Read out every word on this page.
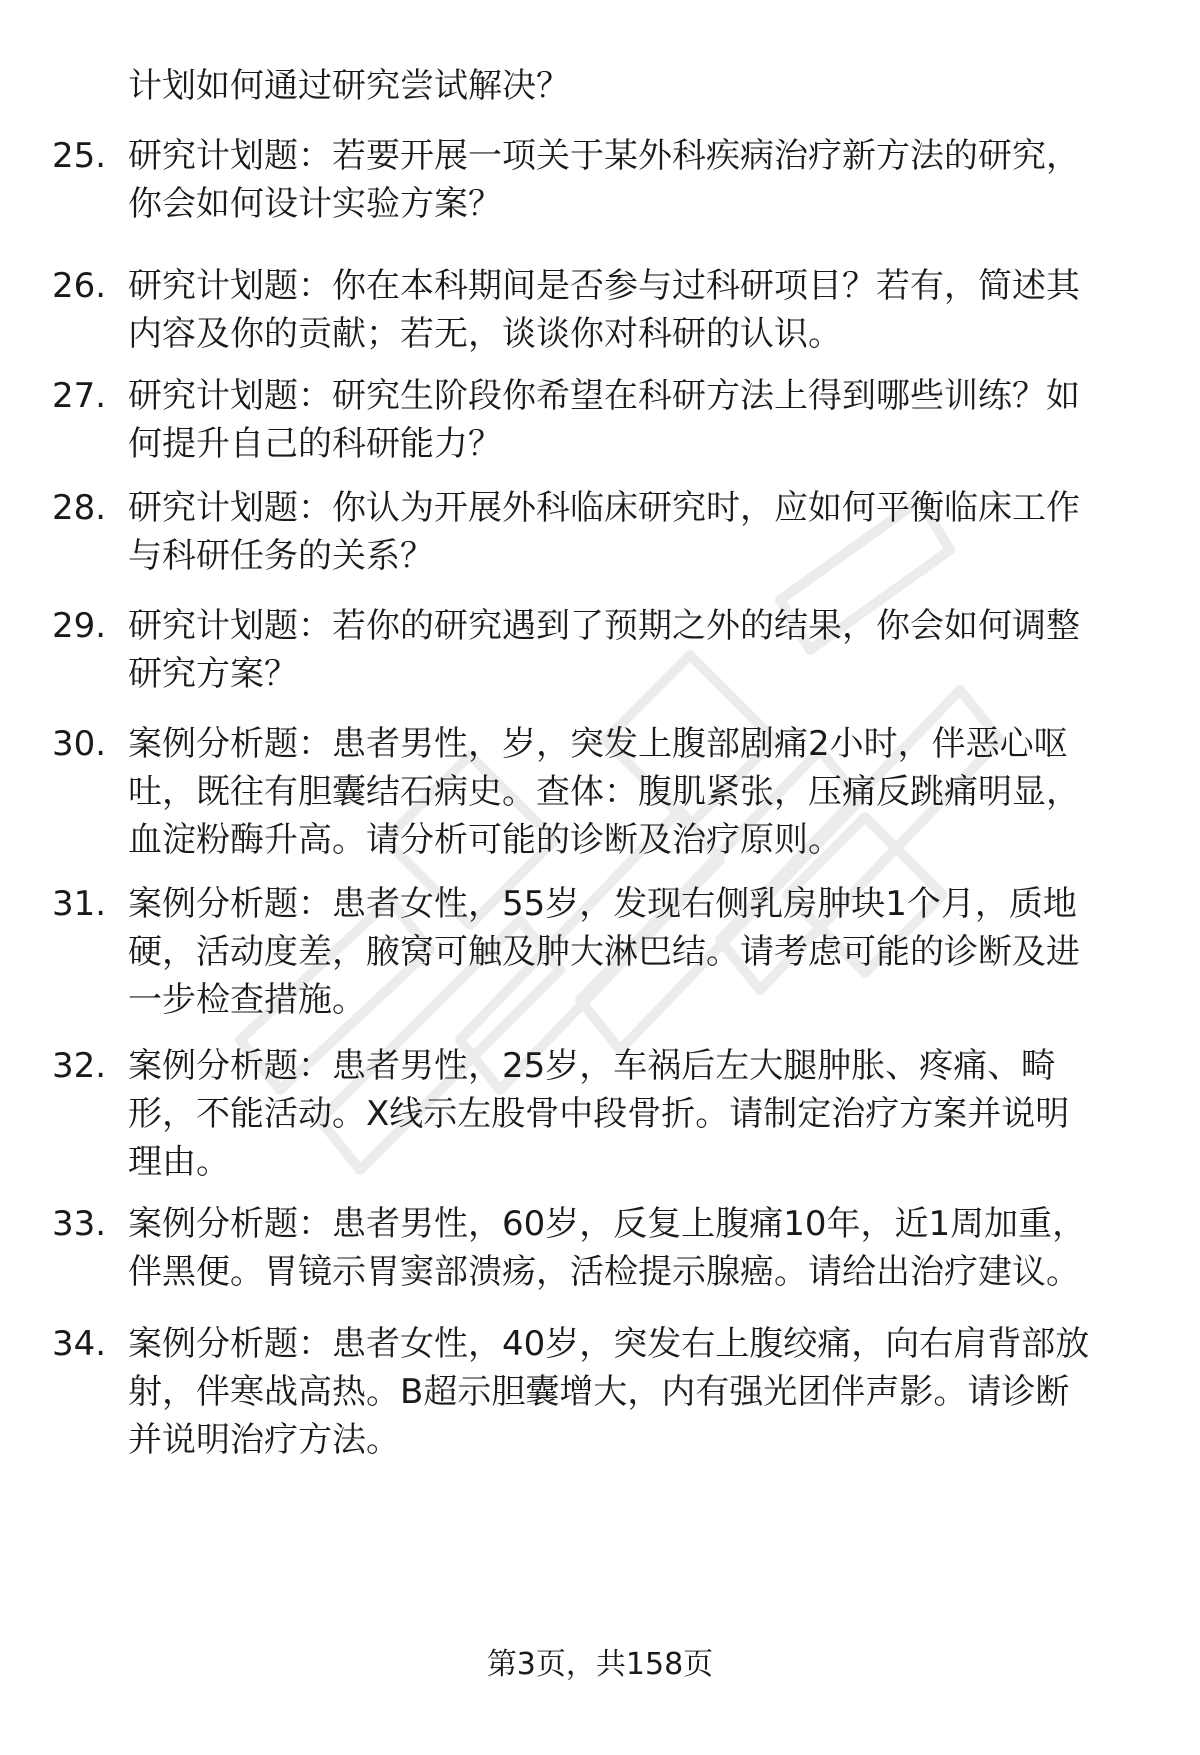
计划如何通过研究尝试解决？

25. 研究计划题：若要开展一项关于某外科疾病治疗新方法的研究，
你会如何设计实验方案？
26. 研究计划题：你在本科期间是否参与过科研项目？若有，简述其
内容及你的贡献；若无，谈谈你对科研的认识。
27. 研究计划题：研究生阶段你希望在科研方法上得到哪些训练？如
何提升自己的科研能力？
28. 研究计划题：你认为开展外科临床研究时，应如何平衡临床工作
与科研任务的关系？
29. 研究计划题：若你的研究遇到了预期之外的结果，你会如何调整
研究方案？
30. 案例分析题：患者男性，岁，突发上腹部剧痛2小时，伴恶心呕
吐，既往有胆囊结石病史。查体：腹肌紧张，压痛反跳痛明显，
血淀粉酶升高。请分析可能的诊断及治疗原则。
31. 案例分析题：患者女性，55岁，发现右侧乳房肿块1个月，质地
硬，活动度差，腋窝可触及肿大淋巴结。请考虑可能的诊断及进
一步检查措施。
32. 案例分析题：患者男性，25岁，车祸后左大腿肿胀、疼痛、畸
形，不能活动。X线示左股骨中段骨折。请制定治疗方案并说明
理由。
33. 案例分析题：患者男性，60岁，反复上腹痛10年，近1周加重，
伴黑便。胃镜示胃窦部溃疡，活检提示腺癌。请给出治疗建议。
34. 案例分析题：患者女性，40岁，突发右上腹绞痛，向右肩背部放
射，伴寒战高热。B超示胆囊增大，内有强光团伴声影。请诊断
并说明治疗方法。
第3页，共158页
